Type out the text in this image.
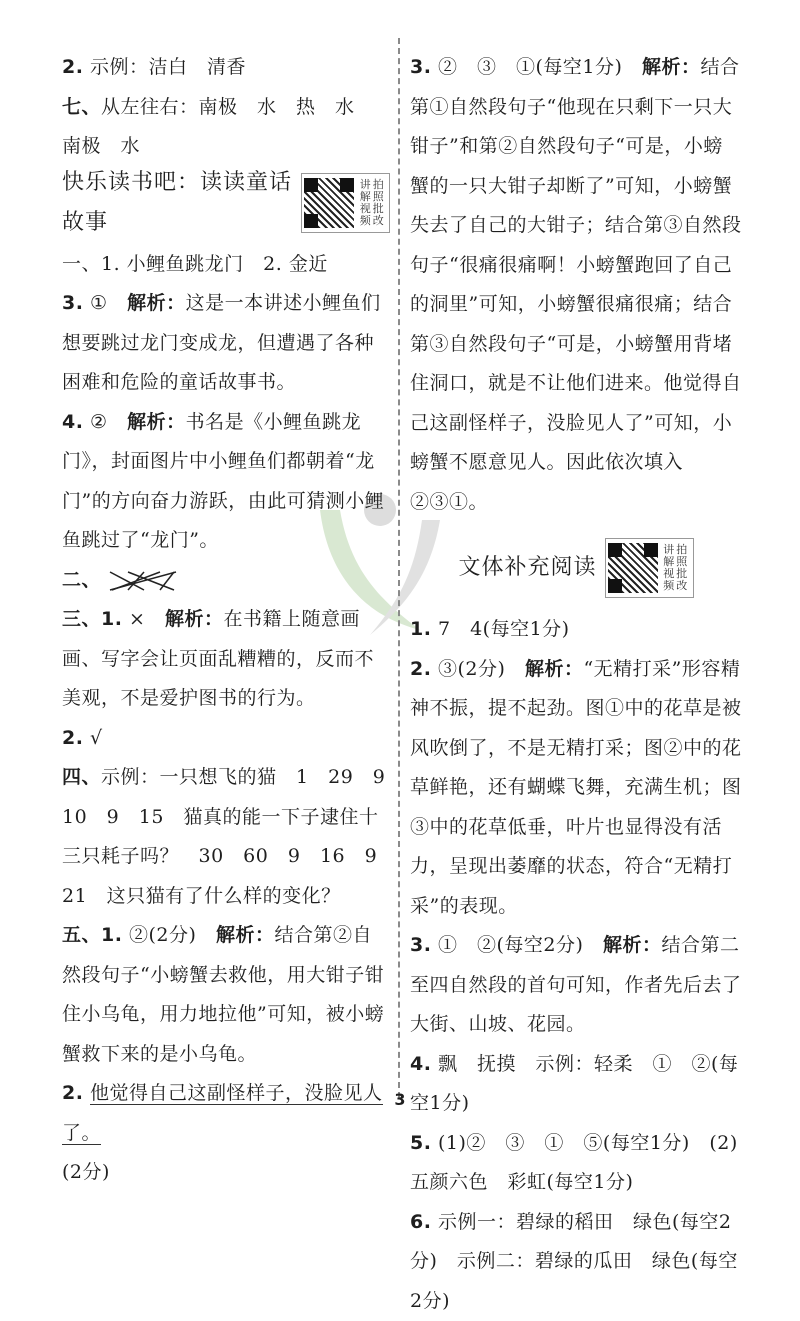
2. 示例：洁白　清香

七、从左往右：南极　水　热　水　南极　水

快乐读书吧：读读童话故事
讲 拍
解 照
视 批
频 改

一、1. 小鲤鱼跳龙门　2. 金近

3. ①　 解析：这是一本讲述小鲤鱼们想要跳过龙门变成龙，但遭遇了各种困难和危险的童话故事书。

4. ②　 解析：书名是《小鲤鱼跳龙门》，封面图片中小鲤鱼们都朝着“龙门”的方向奋力游跃，由此可猜测小鲤鱼跳过了“龙门”。

二、

三、1. ×　 解析：在书籍上随意画画、写字会让页面乱糟糟的，反而不美观，不是爱护图书的行为。

2. √

四、示例：一只想飞的猫　1　29　9　10　9　15　猫真的能一下子逮住十三只耗子吗？　30　60　9　16　9　21　这只猫有了什么样的变化？

五、1. ②(2分)　 解析：结合第②自然段句子“小螃蟹去救他，用大钳子钳住小乌龟，用力地拉他”可知，被小螃蟹救下来的是小乌龟。

2. 他觉得自己这副怪样子，没脸见人了。
(2分)

3. ②　③　①(每空1分)　 解析：结合第①自然段句子“他现在只剩下一只大钳子”和第②自然段句子“可是，小螃蟹的一只大钳子却断了”可知，小螃蟹失去了自己的大钳子；结合第③自然段句子“很痛很痛啊！小螃蟹跑回了自己的洞里”可知，小螃蟹很痛很痛；结合第③自然段句子“可是，小螃蟹用背堵住洞口，就是不让他们进来。他觉得自己这副怪样子，没脸见人了”可知，小螃蟹不愿意见人。因此依次填入②③①。

文体补充阅读
讲 拍
解 照
视 批
频 改

1. 7　4(每空1分)

2. ③(2分)　 解析：“无精打采”形容精神不振，提不起劲。图①中的花草是被风吹倒了，不是无精打采；图②中的花草鲜艳，还有蝴蝶飞舞，充满生机；图③中的花草低垂，叶片也显得没有活力，呈现出萎靡的状态，符合“无精打采”的表现。

3. ①　②(每空2分)　 解析：结合第二至四自然段的首句可知，作者先后去了大街、山坡、花园。

4. 飘　抚摸　示例：轻柔　①　②(每空1分)

5. (1)②　③　①　⑤(每空1分)　(2)五颜六色　彩虹(每空1分)

6. 示例一：碧绿的稻田　绿色(每空2分)　示例二：碧绿的瓜田　绿色(每空2分)

3
